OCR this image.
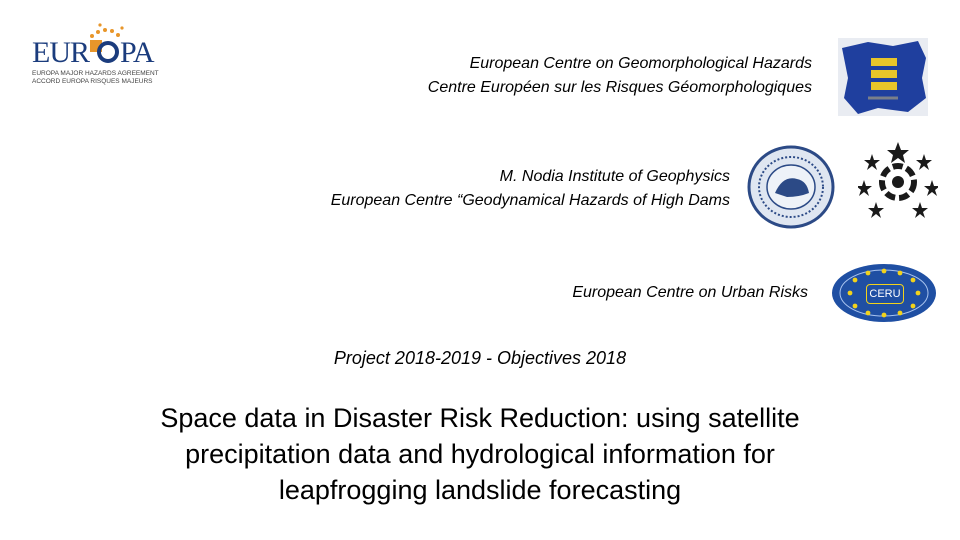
EUR PA
EUROPA MAJOR HAZARDS AGREEMENT
ACCORD EUROPA RISQUES MAJEURS
European Centre on Geomorphological Hazards
Centre Européen sur les Risques Géomorphologiques
M. Nodia Institute of Geophysics
European Centre “Geodynamical Hazards of High Dams
European Centre on Urban Risks	CERU
Project 2018-2019 - Objectives 2018
Space data in Disaster Risk Reduction: using satellite
precipitation data and hydrological information for
leapfrogging landslide forecasting
